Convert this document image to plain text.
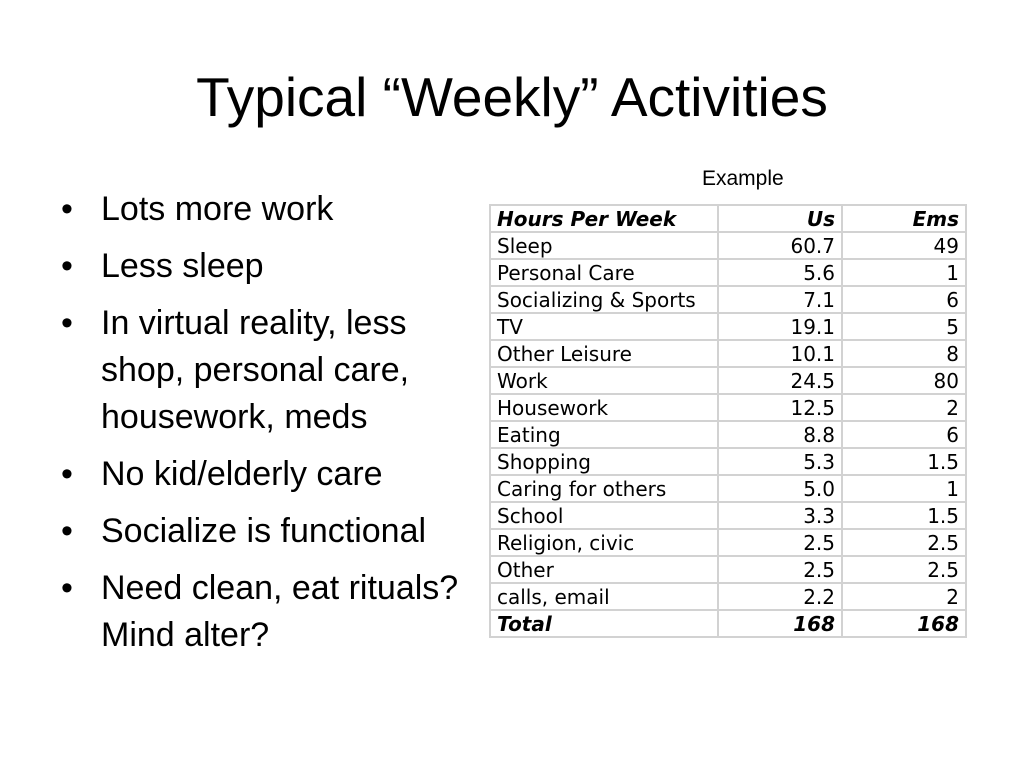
Typical “Weekly” Activities
• Lots more work
• Less sleep
• In virtual reality, less shop, personal care, housework, meds
• No kid/elderly care
• Socialize is functional
• Need clean, eat rituals? Mind alter?
Example
Hours Per Week	Us	Ems
Sleep	60.7	49
Personal Care	5.6	1
Socializing & Sports	7.1	6
TV	19.1	5
Other Leisure	10.1	8
Work	24.5	80
Housework	12.5	2
Eating	8.8	6
Shopping	5.3	1.5
Caring for others	5.0	1
School	3.3	1.5
Religion, civic	2.5	2.5
Other	2.5	2.5
calls, email	2.2	2
Total	168	168
